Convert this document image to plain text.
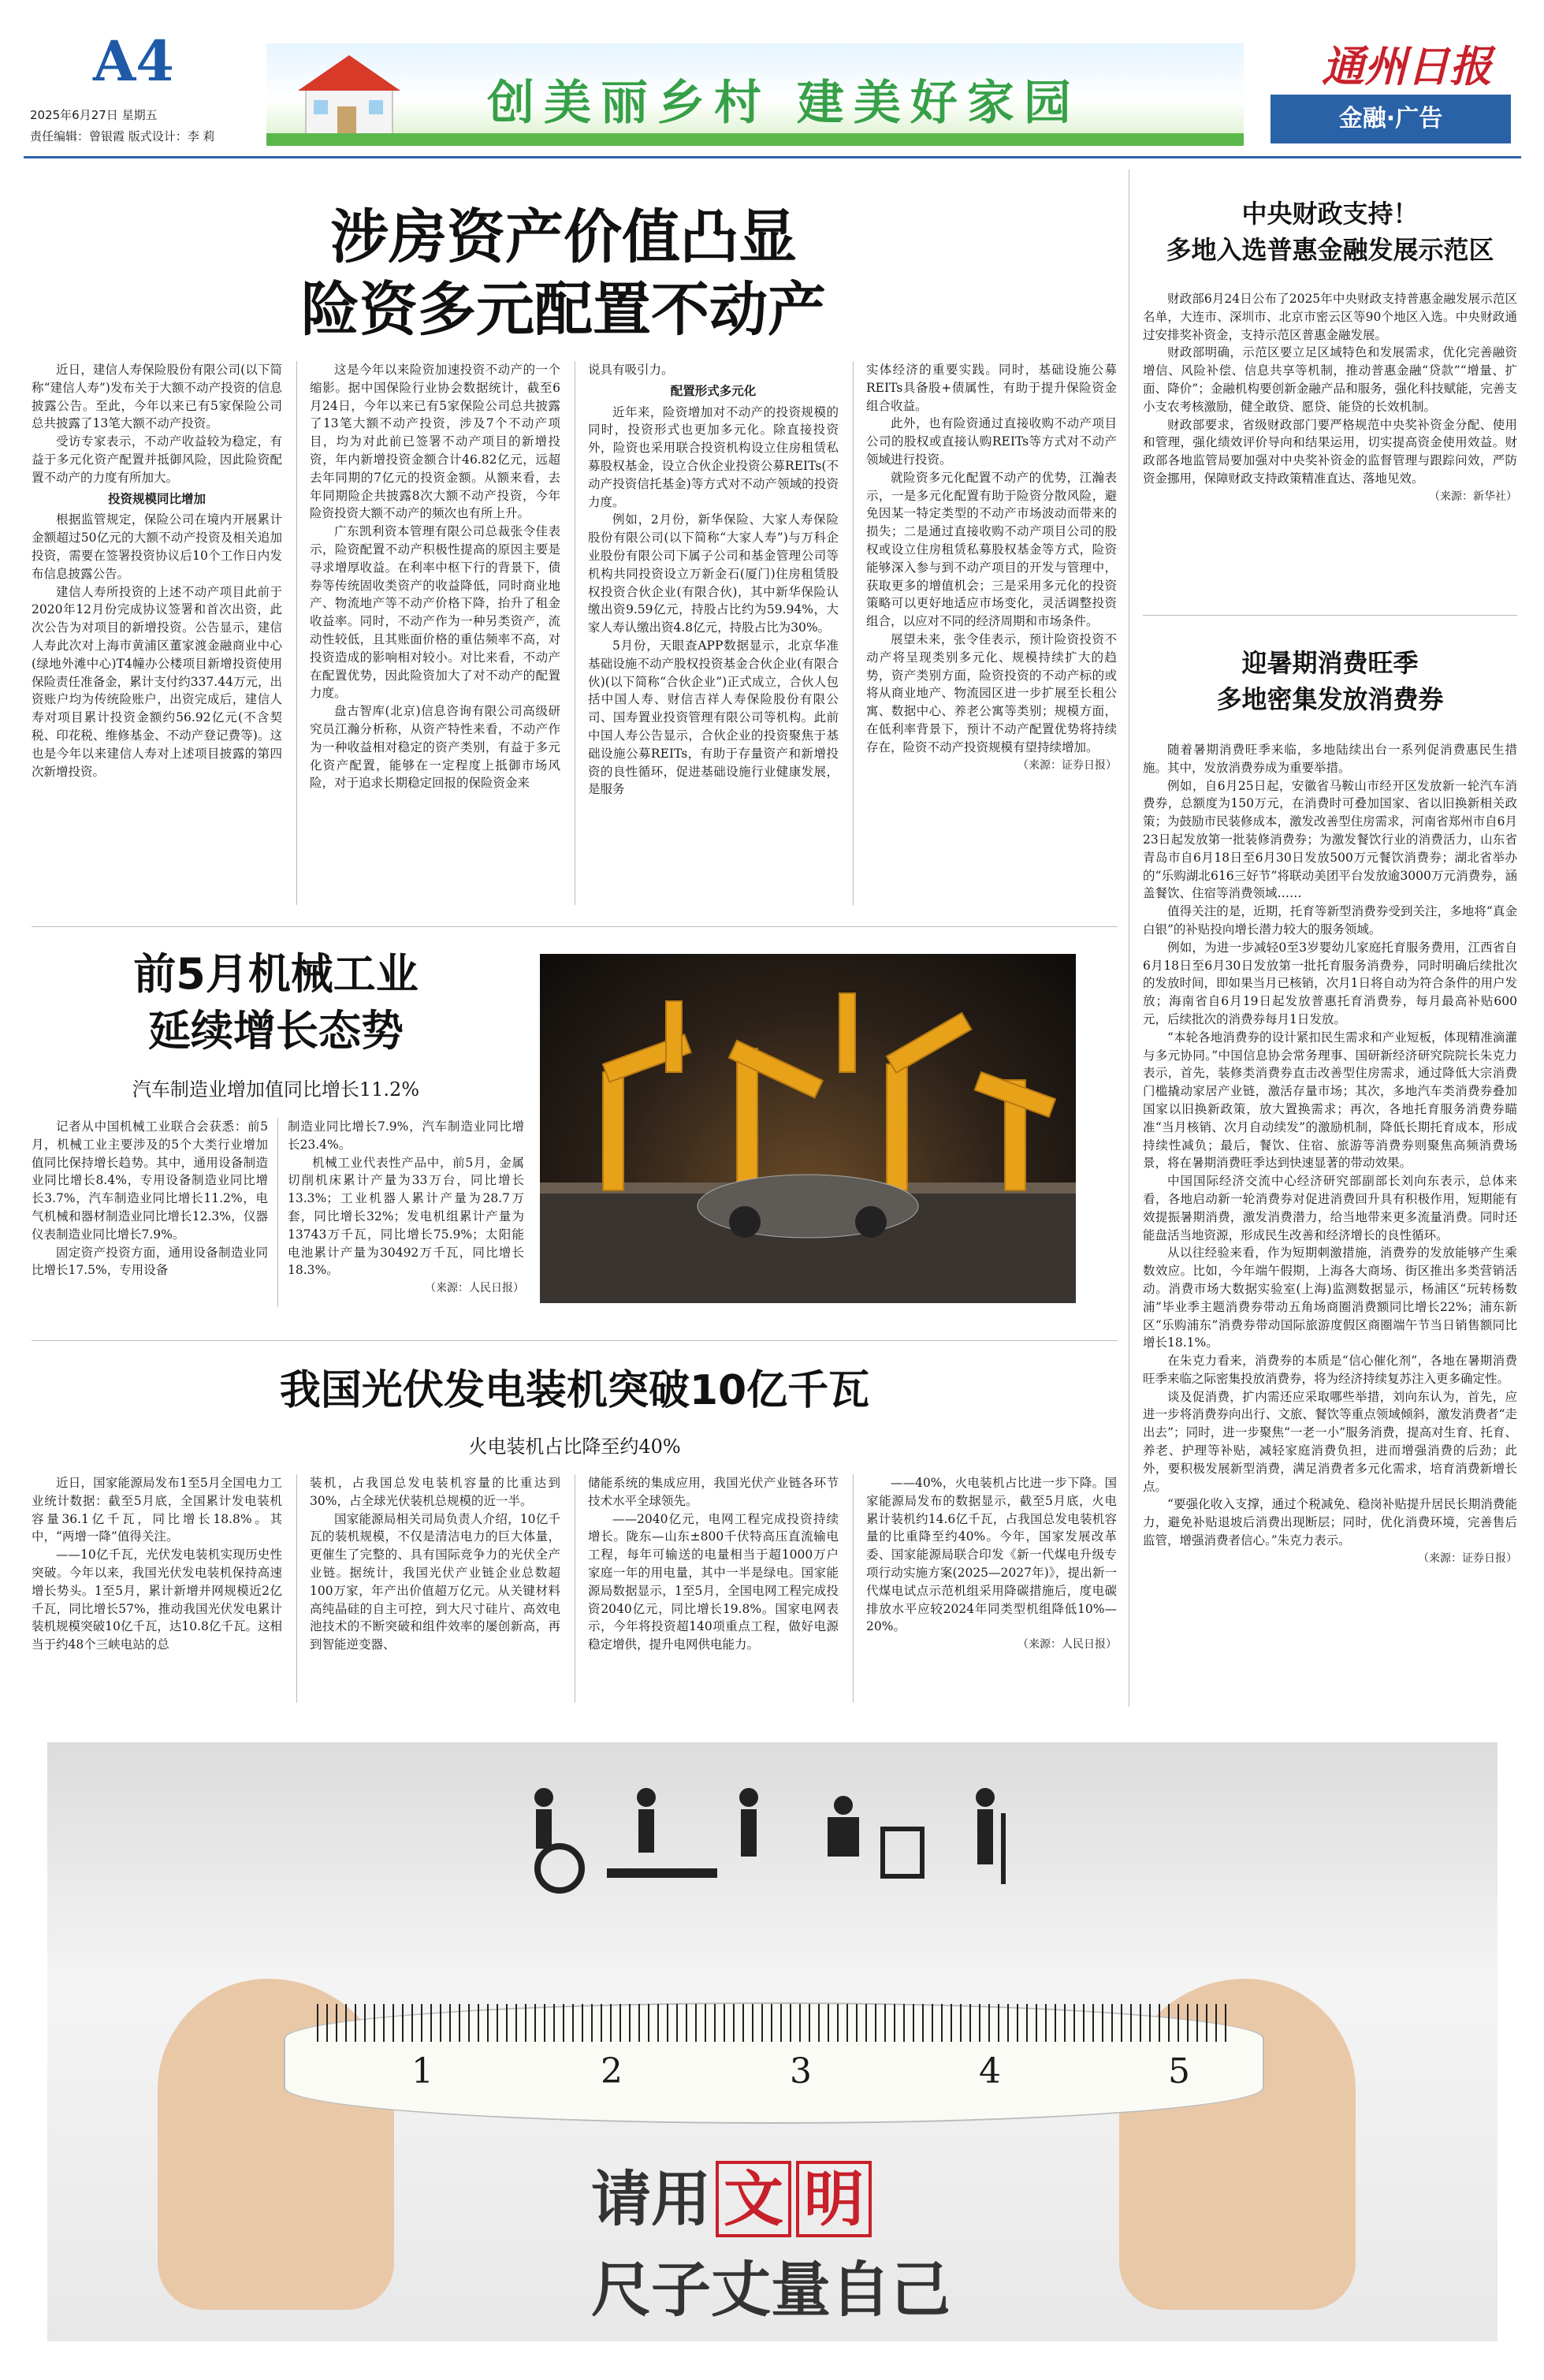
A4
2025年6月27日 星期五
责任编辑：曾银霞 版式设计：李 莉
创美丽乡村 建美好家园
通州日报
金融·广告
涉房资产价值凸显
险资多元配置不动产

近日，建信人寿保险股份有限公司(以下简称“建信人寿”)发布关于大额不动产投资的信息披露公告。至此，今年以来已有5家保险公司总共披露了13笔大额不动产投资。

受访专家表示，不动产收益较为稳定，有益于多元化资产配置并抵御风险，因此险资配置不动产的力度有所加大。

投资规模同比增加

根据监管规定，保险公司在境内开展累计金额超过50亿元的大额不动产投资及相关追加投资，需要在签署投资协议后10个工作日内发布信息披露公告。

建信人寿所投资的上述不动产项目此前于2020年12月份完成协议签署和首次出资，此次公告为对项目的新增投资。公告显示，建信人寿此次对上海市黄浦区董家渡金融商业中心(绿地外滩中心)T4幢办公楼项目新增投资使用保险责任准备金，累计支付约337.44万元，出资账户均为传统险账户，出资完成后，建信人寿对项目累计投资金额约56.92亿元(不含契税、印花税、维修基金、不动产登记费等)。这也是今年以来建信人寿对上述项目披露的第四次新增投资。

这是今年以来险资加速投资不动产的一个缩影。据中国保险行业协会数据统计，截至6月24日，今年以来已有5家保险公司总共披露了13笔大额不动产投资，涉及7个不动产项目，均为对此前已签署不动产项目的新增投资，年内新增投资金额合计46.82亿元，远超去年同期的7亿元的投资金额。从额来看，去年同期险企共披露8次大额不动产投资，今年险资投资大额不动产的频次也有所上升。

广东凯利资本管理有限公司总裁张令佳表示，险资配置不动产积极性提高的原因主要是寻求增厚收益。在利率中枢下行的背景下，债券等传统固收类资产的收益降低，同时商业地产、物流地产等不动产价格下降，抬升了租金收益率。同时，不动产作为一种另类资产，流动性较低，且其账面价格的重估频率不高，对投资造成的影响相对较小。对比来看，不动产在配置优势，因此险资加大了对不动产的配置力度。

盘古智库(北京)信息咨询有限公司高级研究员江瀚分析称，从资产特性来看，不动产作为一种收益相对稳定的资产类别，有益于多元化资产配置，能够在一定程度上抵御市场风险，对于追求长期稳定回报的保险资金来

说具有吸引力。

配置形式多元化

近年来，险资增加对不动产的投资规模的同时，投资形式也更加多元化。除直接投资外，险资也采用联合投资机构设立住房租赁私募股权基金，设立合伙企业投资公募REITs(不动产投资信托基金)等方式对不动产领域的投资力度。

例如，2月份，新华保险、大家人寿保险股份有限公司(以下简称“大家人寿”)与万科企业股份有限公司下属子公司和基金管理公司等机构共同投资设立万新金石(厦门)住房租赁股权投资合伙企业(有限合伙)，其中新华保险认缴出资9.59亿元，持股占比约为59.94%，大家人寿认缴出资4.8亿元，持股占比为30%。

5月份，天眼查APP数据显示，北京华准基础设施不动产股权投资基金合伙企业(有限合伙)(以下简称“合伙企业”)正式成立，合伙人包括中国人寿、财信吉祥人寿保险股份有限公司、国寿置业投资管理有限公司等机构。此前中国人寿公告显示，合伙企业的投资聚焦于基础设施公募REITs，有助于存量资产和新增投资的良性循环，促进基础设施行业健康发展，是服务

实体经济的重要实践。同时，基础设施公募REITs具备股+债属性，有助于提升保险资金组合收益。

此外，也有险资通过直接收购不动产项目公司的股权或直接认购REITs等方式对不动产领域进行投资。

就险资多元化配置不动产的优势，江瀚表示，一是多元化配置有助于险资分散风险，避免因某一特定类型的不动产市场波动而带来的损失；二是通过直接收购不动产项目公司的股权或设立住房租赁私募股权基金等方式，险资能够深入参与到不动产项目的开发与管理中，获取更多的增值机会；三是采用多元化的投资策略可以更好地适应市场变化，灵活调整投资组合，以应对不同的经济周期和市场条件。

展望未来，张令佳表示，预计险资投资不动产将呈现类别多元化、规模持续扩大的趋势，资产类别方面，险资投资的不动产标的或将从商业地产、物流园区进一步扩展至长租公寓、数据中心、养老公寓等类别；规模方面，在低利率背景下，预计不动产配置优势将持续存在，险资不动产投资规模有望持续增加。

（来源：证券日报）

中央财政支持！
多地入选普惠金融发展示范区

财政部6月24日公布了2025年中央财政支持普惠金融发展示范区名单，大连市、深圳市、北京市密云区等90个地区入选。中央财政通过安排奖补资金，支持示范区普惠金融发展。

财政部明确，示范区要立足区域特色和发展需求，优化完善融资增信、风险补偿、信息共享等机制，推动普惠金融“贷款”“增量、扩面、降价”；金融机构要创新金融产品和服务，强化科技赋能，完善支小支农考核激励，健全敢贷、愿贷、能贷的长效机制。

财政部要求，省级财政部门要严格规范中央奖补资金分配、使用和管理，强化绩效评价导向和结果运用，切实提高资金使用效益。财政部各地监管局要加强对中央奖补资金的监督管理与跟踪问效，严防资金挪用，保障财政支持政策精准直达、落地见效。

（来源：新华社）

迎暑期消费旺季
多地密集发放消费券

随着暑期消费旺季来临，多地陆续出台一系列促消费惠民生措施。其中，发放消费券成为重要举措。

例如，自6月25日起，安徽省马鞍山市经开区发放新一轮汽车消费券，总额度为150万元，在消费时可叠加国家、省以旧换新相关政策；为鼓励市民装修成本，激发改善型住房需求，河南省郑州市自6月23日起发放第一批装修消费券；为激发餐饮行业的消费活力，山东省青岛市自6月18日至6月30日发放500万元餐饮消费券；湖北省举办的“乐购湖北616三好节”将联动美团平台发放逾3000万元消费券，涵盖餐饮、住宿等消费领域……

值得关注的是，近期，托育等新型消费券受到关注，多地将“真金白银”的补贴投向增长潜力较大的服务领域。

例如，为进一步减轻0至3岁婴幼儿家庭托育服务费用，江西省自6月18日至6月30日发放第一批托育服务消费券，同时明确后续批次的发放时间，即如果当月已核销，次月1日将自动为符合条件的用户发放；海南省自6月19日起发放普惠托育消费券，每月最高补贴600元，后续批次的消费券每月1日发放。

“本轮各地消费券的设计紧扣民生需求和产业短板，体现精准滴灌与多元协同。”中国信息协会常务理事、国研新经济研究院院长朱克力表示，首先，装修类消费券直击改善型住房需求，通过降低大宗消费门槛撬动家居产业链，激活存量市场；其次，多地汽车类消费券叠加国家以旧换新政策，放大置换需求；再次，各地托育服务消费券瞄准“当月核销、次月自动续发”的激励机制，降低长期托育成本，形成持续性减负；最后，餐饮、住宿、旅游等消费券则聚焦高频消费场景，将在暑期消费旺季达到快速显著的带动效果。

中国国际经济交流中心经济研究部副部长刘向东表示，总体来看，各地启动新一轮消费券对促进消费回升具有积极作用，短期能有效提振暑期消费，激发消费潜力，给当地带来更多流量消费。同时还能盘活当地资源，形成民生改善和经济增长的良性循环。

从以往经验来看，作为短期刺激措施，消费券的发放能够产生乘数效应。比如，今年端午假期，上海各大商场、街区推出多类营销活动。消费市场大数据实验室(上海)监测数据显示，杨浦区“玩转杨数浦”毕业季主题消费券带动五角场商圈消费额同比增长22%；浦东新区“乐购浦东”消费券带动国际旅游度假区商圈端午节当日销售额同比增长18.1%。

在朱克力看来，消费券的本质是“信心催化剂”，各地在暑期消费旺季来临之际密集投放消费券，将为经济持续复苏注入更多确定性。

谈及促消费，扩内需还应采取哪些举措，刘向东认为，首先，应进一步将消费券向出行、文旅、餐饮等重点领域倾斜，激发消费者“走出去”；同时，进一步聚焦“一老一小”服务消费，提高对生育、托育、养老、护理等补贴，减轻家庭消费负担，进而增强消费的后劲；此外，要积极发展新型消费，满足消费者多元化需求，培育消费新增长点。

“要强化收入支撑，通过个税减免、稳岗补贴提升居民长期消费能力，避免补贴退坡后消费出现断层；同时，优化消费环境，完善售后监管，增强消费者信心。”朱克力表示。

（来源：证券日报）

前5月机械工业
延续增长态势
汽车制造业增加值同比增长11.2%

记者从中国机械工业联合会获悉：前5月，机械工业主要涉及的5个大类行业增加值同比保持增长趋势。其中，通用设备制造业同比增长8.4%，专用设备制造业同比增长3.7%，汽车制造业同比增长11.2%，电气机械和器材制造业同比增长12.3%，仪器仪表制造业同比增长7.9%。

固定资产投资方面，通用设备制造业同比增长17.5%，专用设备

制造业同比增长7.9%，汽车制造业同比增长23.4%。

机械工业代表性产品中，前5月，金属切削机床累计产量为33万台，同比增长13.3%；工业机器人累计产量为28.7万套，同比增长32%；发电机组累计产量为13743万千瓦，同比增长75.9%；太阳能电池累计产量为30492万千瓦，同比增长18.3%。

（来源：人民日报）

我国光伏发电装机突破10亿千瓦
火电装机占比降至约40%

近日，国家能源局发布1至5月全国电力工业统计数据：截至5月底，全国累计发电装机容量36.1亿千瓦，同比增长18.8%。其中，“两增一降”值得关注。

——10亿千瓦，光伏发电装机实现历史性突破。今年以来，我国光伏发电装机保持高速增长势头。1至5月，累计新增并网规模近2亿千瓦，同比增长57%，推动我国光伏发电累计装机规模突破10亿千瓦，达10.8亿千瓦。这相当于约48个三峡电站的总

装机，占我国总发电装机容量的比重达到30%，占全球光伏装机总规模的近一半。

国家能源局相关司局负责人介绍，10亿千瓦的装机规模，不仅是清洁电力的巨大体量，更催生了完整的、具有国际竞争力的光伏全产业链。据统计，我国光伏产业链企业总数超100万家，年产出价值超万亿元。从关键材料高纯晶硅的自主可控，到大尺寸硅片、高效电池技术的不断突破和组件效率的屡创新高，再到智能逆变器、

储能系统的集成应用，我国光伏产业链各环节技术水平全球领先。

——2040亿元，电网工程完成投资持续增长。陇东—山东±800千伏特高压直流输电工程，每年可输送的电量相当于超1000万户家庭一年的用电量，其中一半是绿电。国家能源局数据显示，1至5月，全国电网工程完成投资2040亿元，同比增长19.8%。国家电网表示，今年将投资超140项重点工程，做好电源稳定增供，提升电网供电能力。

——40%，火电装机占比进一步下降。国家能源局发布的数据显示，截至5月底，火电累计装机约14.6亿千瓦，占我国总发电装机容量的比重降至约40%。今年，国家发展改革委、国家能源局联合印发《新一代煤电升级专项行动实施方案(2025—2027年)》，提出新一代煤电试点示范机组采用降碳措施后，度电碳排放水平应较2024年同类型机组降低10%—20%。

（来源：人民日报）

1	2	3	4	5
请用 文 明
尺子丈量自己
